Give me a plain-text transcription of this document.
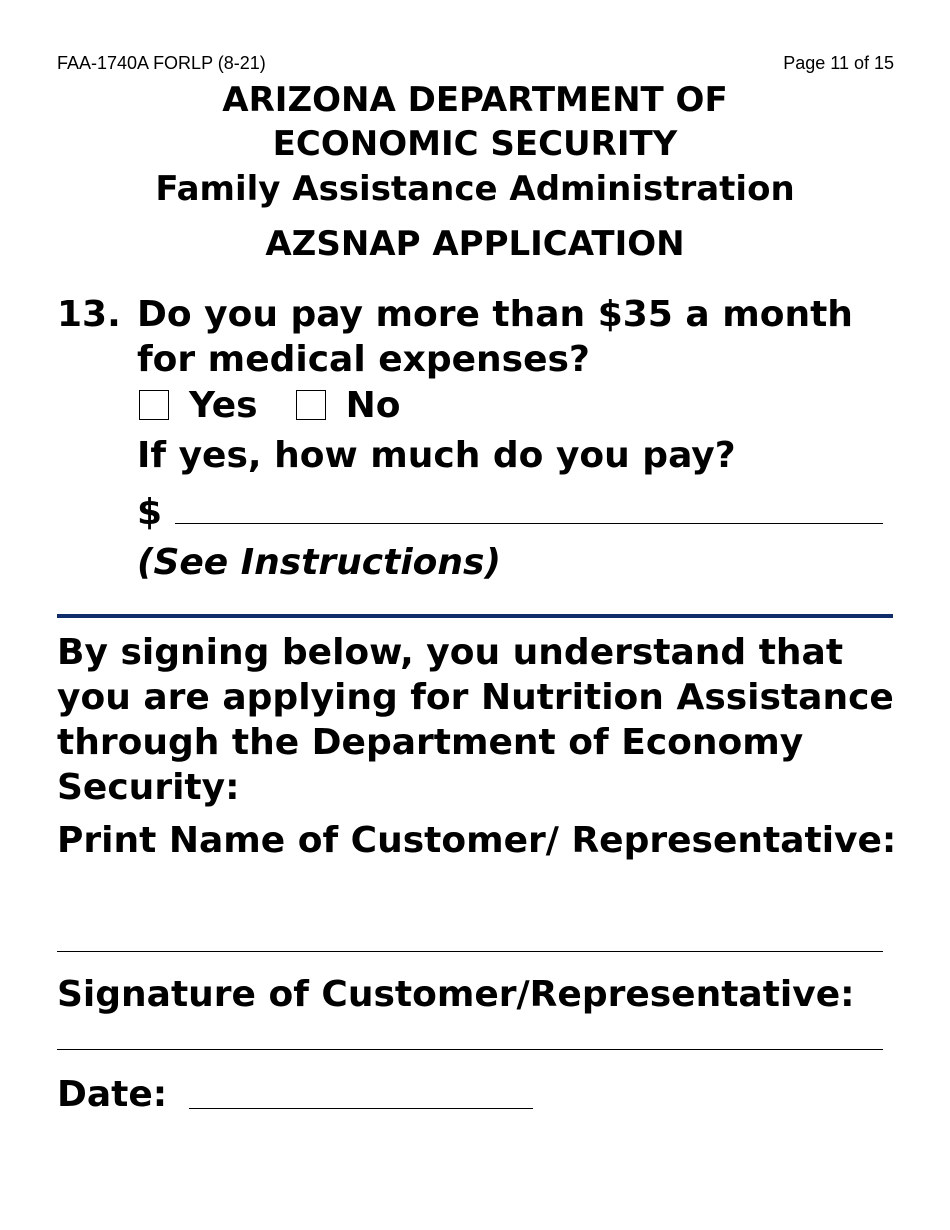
FAA-1740A FORLP (8-21)	Page 11 of 15
ARIZONA DEPARTMENT OF
ECONOMIC SECURITY
Family Assistance Administration
AZSNAP APPLICATION
13. Do you pay more than $35 a month for medical expenses?
Yes No
If yes, how much do you pay?
$
(See Instructions)
By signing below, you understand that you are applying for Nutrition Assistance through the Department of Economy Security:
Print Name of Customer/ Representative:
Signature of Customer/Representative:
Date:
